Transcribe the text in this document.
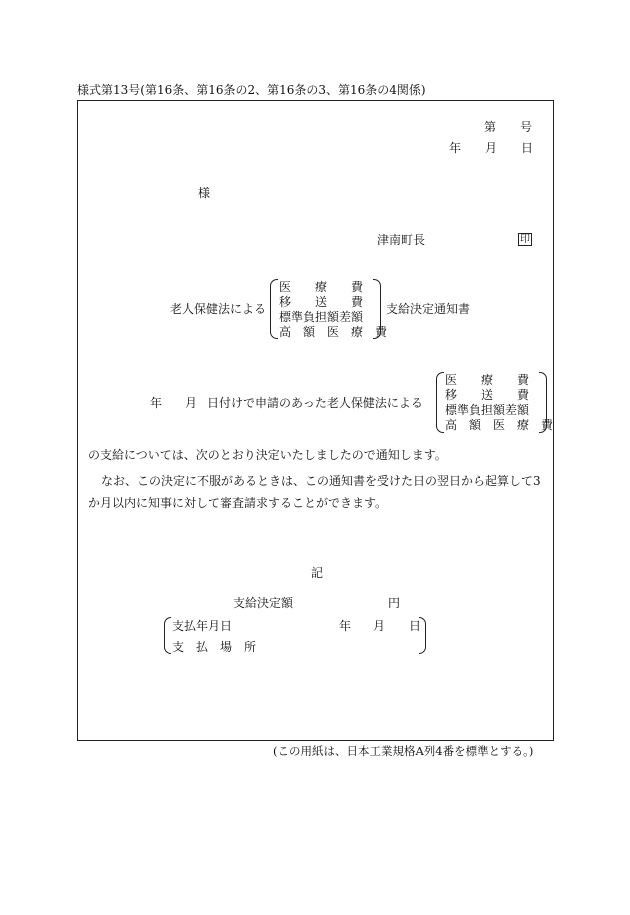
様式第13号(第16条、第16条の2、第16条の3、第16条の4関係)
第 号
年 月 日
様
津南町長	印
老人保健法による
医　　療　　費
移　　送　　費
標準負担額差額
高　額　医　療　費
支給決定通知書
年 月 日付けで申請のあった老人保健法による
医　　療　　費
移　　送　　費
標準負担額差額
高　額　医　療　費
の支給については、次のとおり決定いたしましたので通知します。
なお、この決定に不服があるときは、この通知書を受けた日の翌日から起算して3
か月以内に知事に対して審査請求することができます。
記
支給決定額	円
支払年月日	年 月 日
支　払　場　所
(この用紙は、日本工業規格A列4番を標準とする。)
